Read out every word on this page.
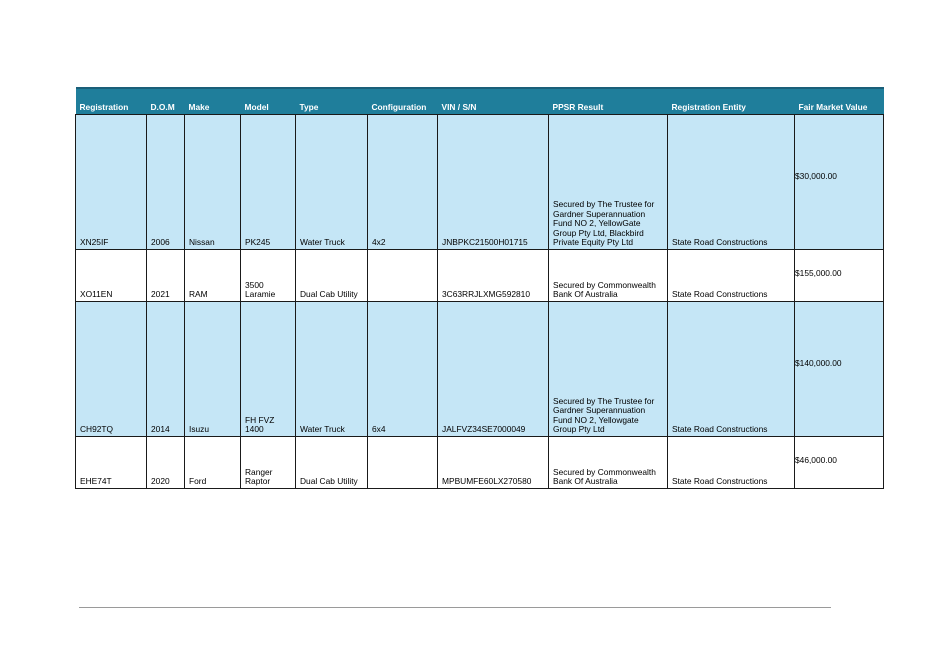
Registration	D.O.M	Make	Model	Type	Configuration	VIN / S/N	PPSR Result	Registration Entity	Fair Market Value
XN25IF	2006	Nissan	PK245	Water Truck	4x2	JNBPKC21500H01715	Secured by The Trustee for Gardner Superannuation Fund NO 2, YellowGate Group Pty Ltd, Blackbird Private Equity Pty Ltd	State Road Constructions	$30,000.00
XO11EN	2021	RAM	3500 Laramie	Dual Cab Utility		3C63RRJLXMG592810	Secured by Commonwealth Bank Of Australia	State Road Constructions	$155,000.00
CH92TQ	2014	Isuzu	FH FVZ 1400	Water Truck	6x4	JALFVZ34SE7000049	Secured by The Trustee for Gardner Superannuation Fund NO 2, Yellowgate Group Pty Ltd	State Road Constructions	$140,000.00
EHE74T	2020	Ford	Ranger Raptor	Dual Cab Utility		MPBUMFE60LX270580	Secured by Commonwealth Bank Of Australia	State Road Constructions	$46,000.00
